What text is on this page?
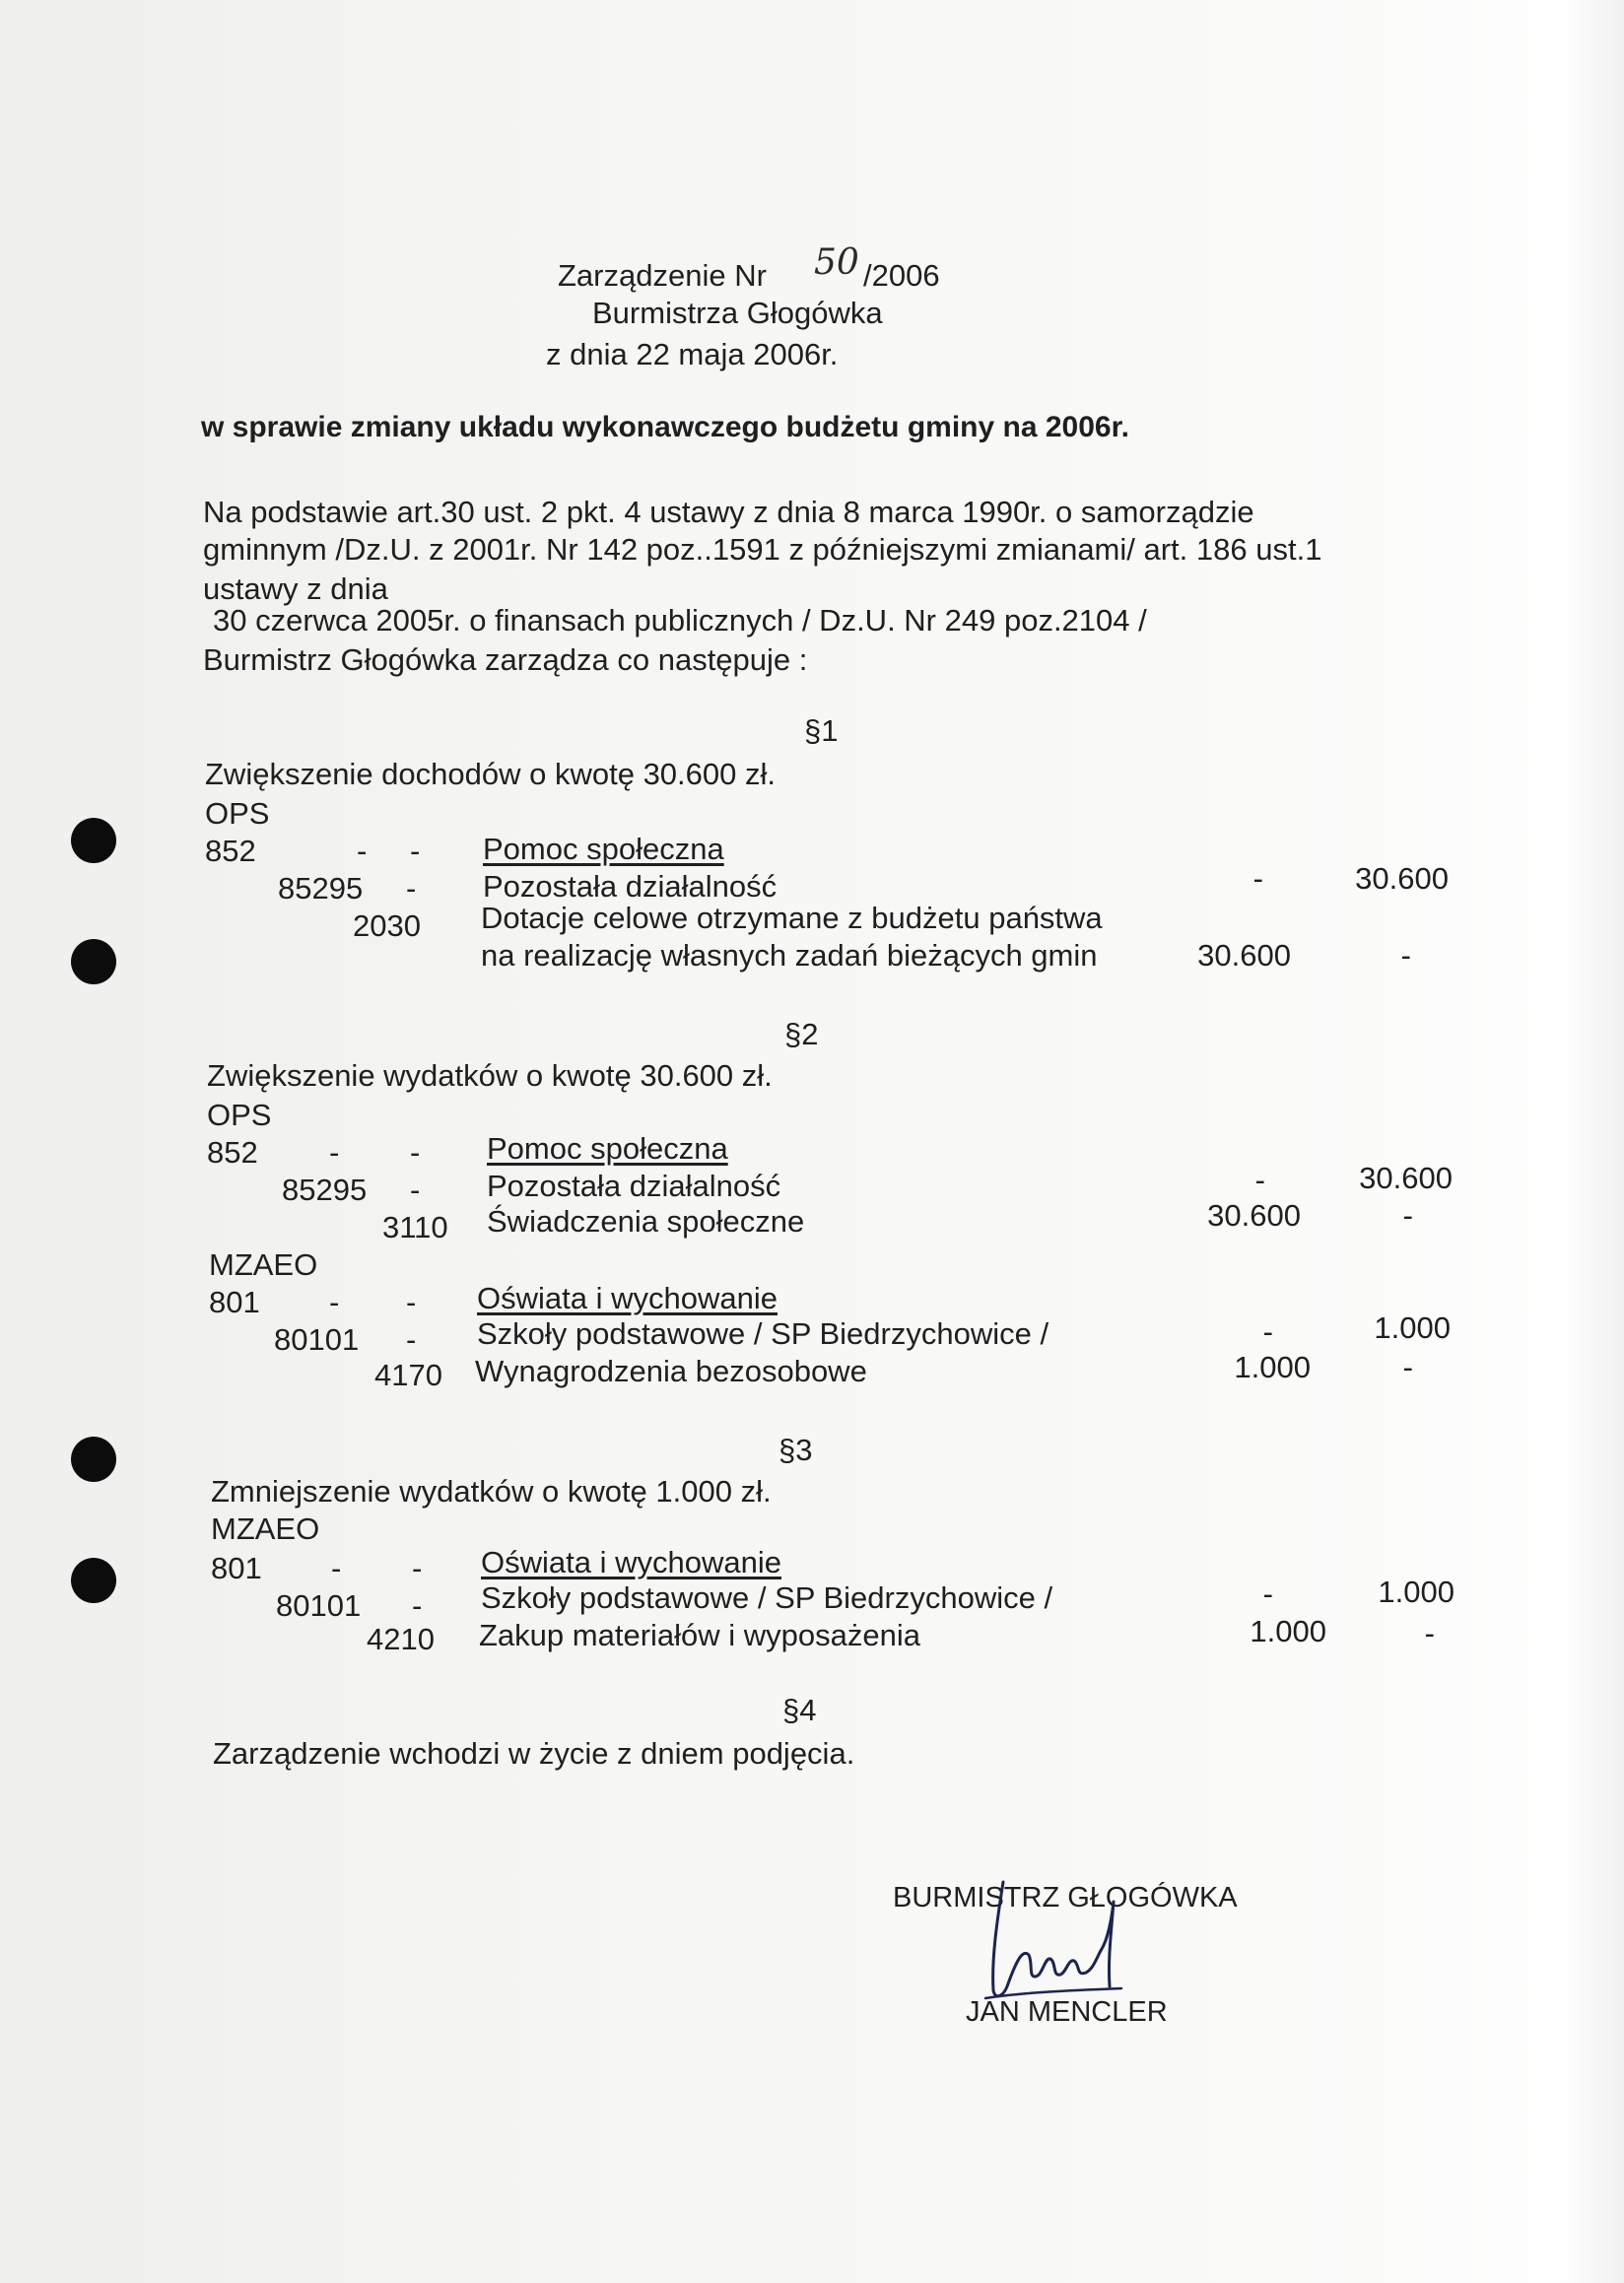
Zarządzenie Nr 50 /2006
Burmistrza Głogówka
z dnia 22 maja 2006r.
w sprawie zmiany układu wykonawczego budżetu gminy na 2006r.
Na podstawie art.30 ust. 2 pkt. 4 ustawy z dnia 8 marca 1990r. o samorządzie
gminnym /Dz.U. z 2001r. Nr 142 poz..1591 z późniejszymi zmianami/ art. 186 ust.1
ustawy z dnia
30 czerwca 2005r. o finansach publicznych / Dz.U. Nr 249 poz.2104 /
Burmistrz Głogówka zarządza co następuje :
§1
Zwiększenie dochodów o kwotę 30.600 zł.
OPS
852	- - Pomoc społeczna
85295 - Pozostała działalność	-	30.600
2030 Dotacje celowe otrzymane z budżetu państwa
na realizację własnych zadań bieżących gmin	30.600	-
§2
Zwiększenie wydatków o kwotę 30.600 zł.
OPS
852 - - Pomoc społeczna
85295 - Pozostała działalność	-	30.600
3110 Świadczenia społeczne	30.600	-
MZAEO
801 - - Oświata i wychowanie
80101 - Szkoły podstawowe / SP Biedrzychowice /	-	1.000
4170 Wynagrodzenia bezosobowe	1.000	-
§3
Zmniejszenie wydatków o kwotę 1.000 zł.
MZAEO
801 - - Oświata i wychowanie
80101 - Szkoły podstawowe / SP Biedrzychowice /	-	1.000
4210 Zakup materiałów i wyposażenia	1.000	-
§4
Zarządzenie wchodzi w życie z dniem podjęcia.
BURMISTRZ GŁOGÓWKA
JAN MENCLER
